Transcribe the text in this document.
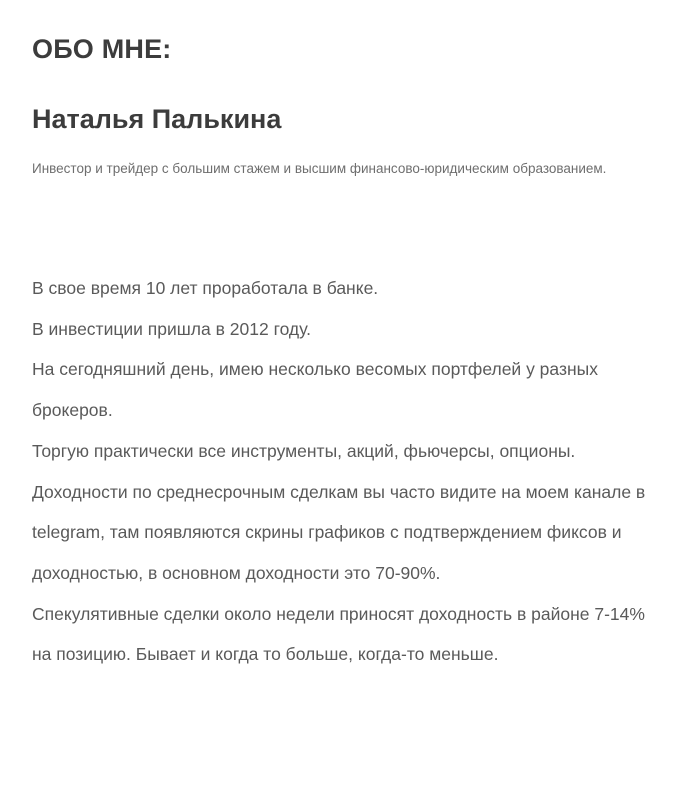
ОБО МНЕ:
Наталья Палькина

Инвестор и трейдер с большим стажем и высшим финансово-юридическим образованием.

В свое время 10 лет проработала в банке.

В инвестиции пришла в 2012 году.

На сегодняшний день, имею несколько весомых портфелей у разных брокеров.

Торгую практически все инструменты, акций, фьючерсы, опционы.

Доходности по среднесрочным сделкам вы часто видите на моем канале в telegram, там появляются скрины графиков с подтверждением фиксов и доходностью, в основном доходности это 70-90%.

Спекулятивные сделки около недели приносят доходность в районе 7-14% на позицию. Бывает и когда то больше, когда-то меньше.
